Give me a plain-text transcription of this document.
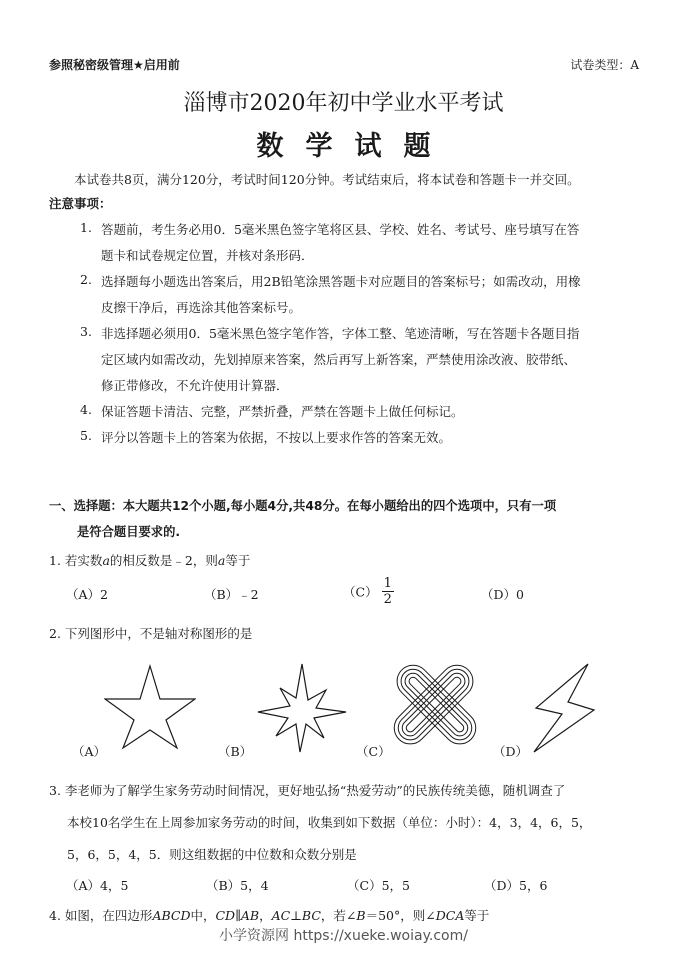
参照秘密级管理★启用前	试卷类型：A
淄博市2020年初中学业水平考试
数学试题
本试卷共8页，满分120分，考试时间120分钟。考试结束后，将本试卷和答题卡一并交回。
注意事项：
1. 答题前，考生务必用0．5毫米黑色签字笔将区县、学校、姓名、考试号、座号填写在答
题卡和试卷规定位置，并核对条形码．
2. 选择题每小题选出答案后，用2B铅笔涂黑答题卡对应题目的答案标号；如需改动，用橡
皮擦干净后，再选涂其他答案标号。
3. 非选择题必须用0．5毫米黑色签字笔作答，字体工整、笔迹清晰，写在答题卡各题目指
定区域内如需改动，先划掉原来答案，然后再写上新答案，严禁使用涂改液、胶带纸、
修正带修改，不允许使用计算器．
4. 保证答题卡清洁、完整，严禁折叠，严禁在答题卡上做任何标记。
5. 评分以答题卡上的答案为依据，不按以上要求作答的答案无效。
一、选择题：本大题共12个小题,每小题4分,共48分。在每小题给出的四个选项中，只有一项
是符合题目要求的.
1. 若实数a的相反数是﹣2，则a等于
（A）2	（B）﹣2	$(C) \frac{1}{2}$	（D）0
2. 下列图形中，不是轴对称图形的是
（A）	（B）	（C）	（D）
3. 李老师为了解学生家务劳动时间情况，更好地弘扬“热爱劳动”的民族传统美德，随机调查了
本校10名学生在上周参加家务劳动的时间，收集到如下数据（单位：小时）：4，3，4，6，5，
5，6，5，4，5．则这组数据的中位数和众数分别是
（A）4，5	（B）5，4	（C）5，5	（D）5，6
4. 如图，在四边形ABCD中，CD∥AB，AC⊥BC，若∠B＝50°，则∠DCA等于
小学资源网 https://xueke.woiay.com/
